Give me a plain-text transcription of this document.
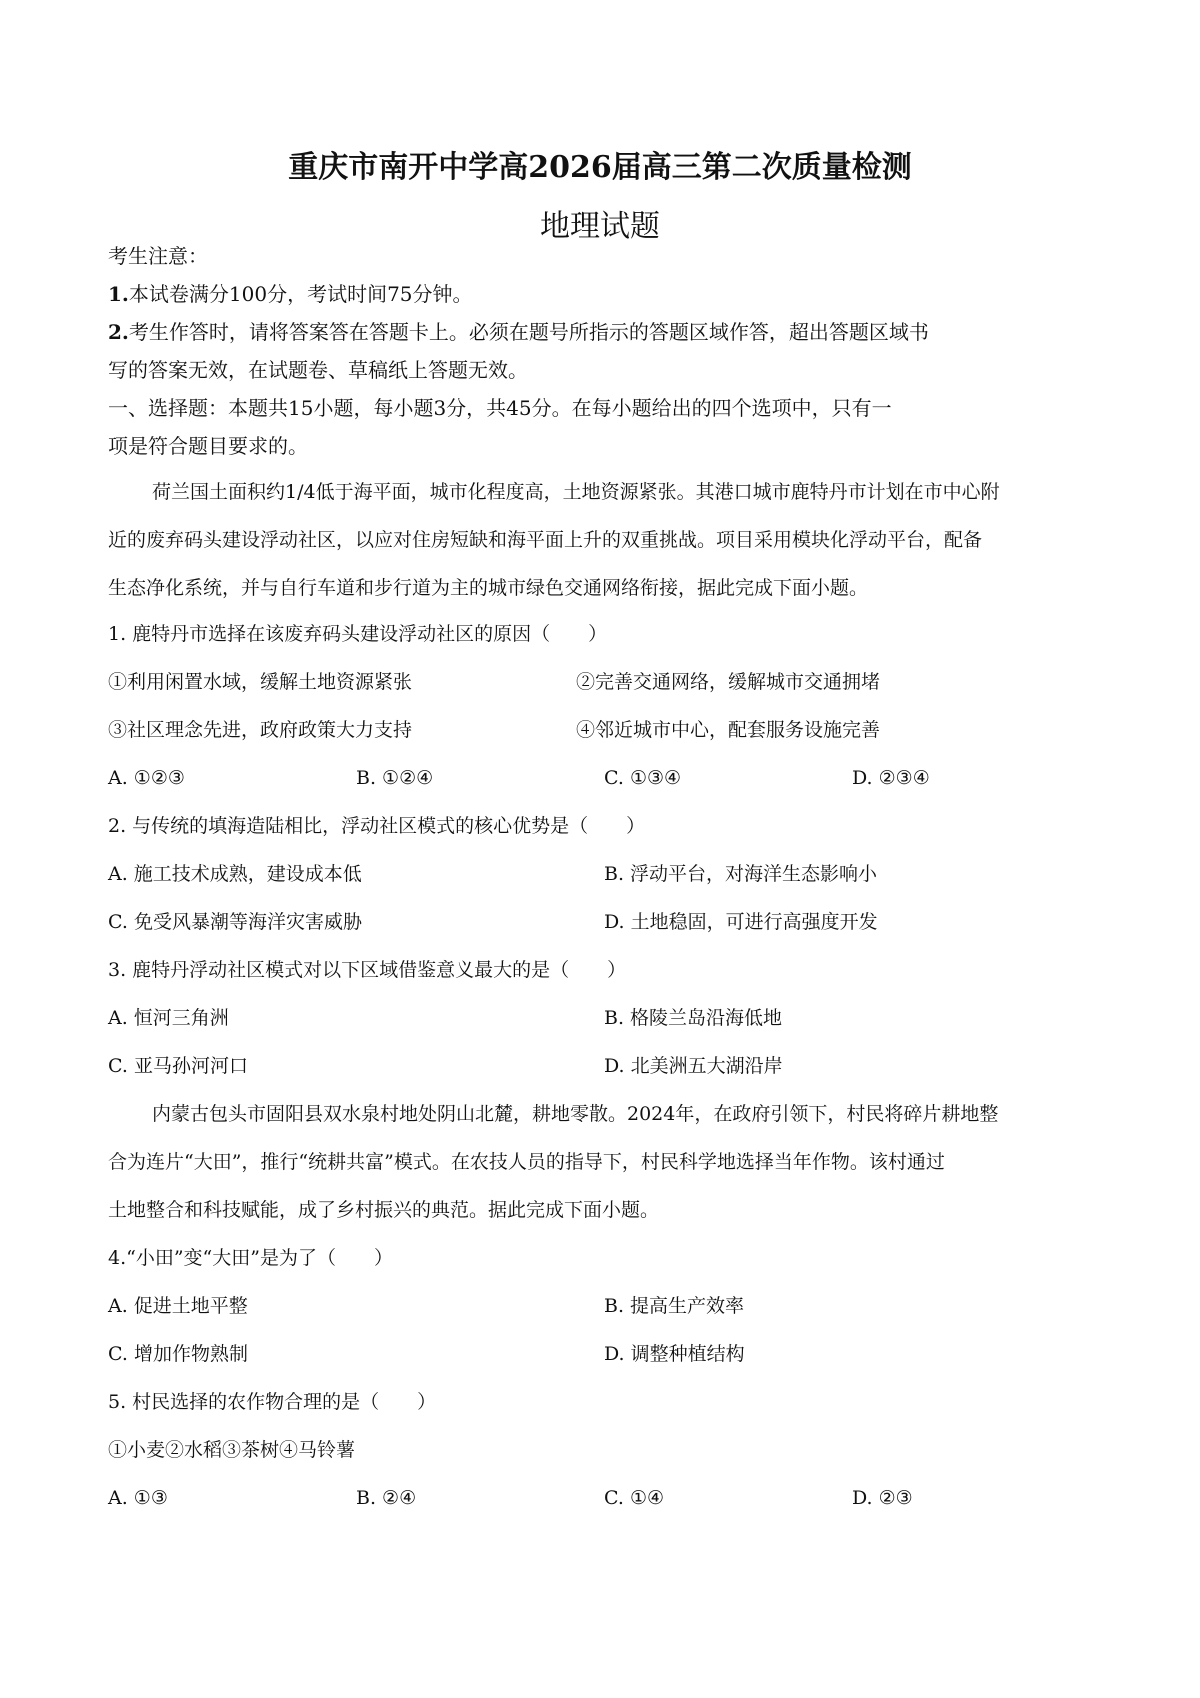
重庆市南开中学高2026届高三第二次质量检测
地理试题
考生注意：
1.本试卷满分100分，考试时间75分钟。
2.考生作答时，请将答案答在答题卡上。必须在题号所指示的答题区域作答，超出答题区域书
写的答案无效，在试题卷、草稿纸上答题无效。
一、选择题：本题共15小题，每小题3分，共45分。在每小题给出的四个选项中，只有一
项是符合题目要求的。
荷兰国土面积约1/4低于海平面，城市化程度高，土地资源紧张。其港口城市鹿特丹市计划在市中心附
近的废弃码头建设浮动社区，以应对住房短缺和海平面上升的双重挑战。项目采用模块化浮动平台，配备
生态净化系统，并与自行车道和步行道为主的城市绿色交通网络衔接，据此完成下面小题。
1. 鹿特丹市选择在该废弃码头建设浮动社区的原因（　　）
①利用闲置水域，缓解土地资源紧张	②完善交通网络，缓解城市交通拥堵
③社区理念先进，政府政策大力支持	④邻近城市中心，配套服务设施完善
A. ①②③	B. ①②④	C. ①③④	D. ②③④
2. 与传统的填海造陆相比，浮动社区模式的核心优势是（　　）
A. 施工技术成熟，建设成本低	B. 浮动平台，对海洋生态影响小
C. 免受风暴潮等海洋灾害威胁	D. 土地稳固，可进行高强度开发
3. 鹿特丹浮动社区模式对以下区域借鉴意义最大的是（　　）
A. 恒河三角洲	B. 格陵兰岛沿海低地
C. 亚马孙河河口	D. 北美洲五大湖沿岸
内蒙古包头市固阳县双水泉村地处阴山北麓，耕地零散。2024年，在政府引领下，村民将碎片耕地整
合为连片“大田”，推行“统耕共富”模式。在农技人员的指导下，村民科学地选择当年作物。该村通过
土地整合和科技赋能，成了乡村振兴的典范。据此完成下面小题。
4.“小田”变“大田”是为了（　　）
A. 促进土地平整	B. 提高生产效率
C. 增加作物熟制	D. 调整种植结构
5. 村民选择的农作物合理的是（　　）
①小麦②水稻③茶树④马铃薯
A. ①③	B. ②④	C. ①④	D. ②③
